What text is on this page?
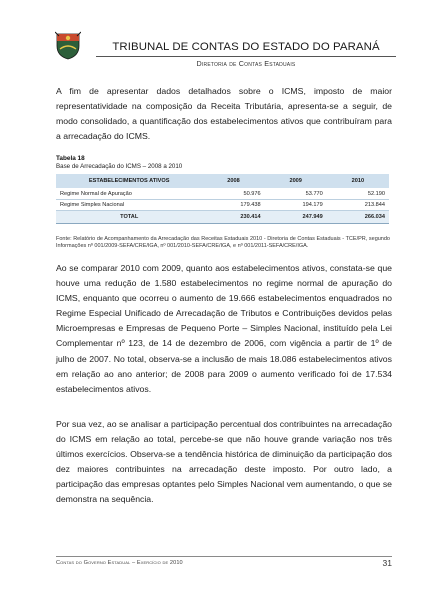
TRIBUNAL DE CONTAS DO ESTADO DO PARANÁ
Diretoria de Contas Estaduais

A fim de apresentar dados detalhados sobre o ICMS, imposto de maior representatividade na composição da Receita Tributária, apresenta-se a seguir, de modo consolidado, a quantificação dos estabelecimentos ativos que contribuíram para a arrecadação do ICMS.

Tabela 18
Base de Arrecadação do ICMS – 2008 a 2010
ESTABELECIMENTOS ATIVOS	2008	2009	2010
Regime Normal de Apuração	50.976	53.770	52.190
Regime Simples Nacional	179.438	194.179	213.844
TOTAL	230.414	247.949	266.034
Fonte: Relatório de Acompanhamento da Arrecadação das Receitas Estaduais 2010 - Diretoria de Contas Estaduais - TCE/PR, segundo Informações nº 001/2009-SEFA/CRE/IGA, nº 001/2010-SEFA/CRE/IGA, e nº 001/2011-SEFA/CRE/IGA.

Ao se comparar 2010 com 2009, quanto aos estabelecimentos ativos, constata-se que houve uma redução de 1.580 estabelecimentos no regime normal de apuração do ICMS, enquanto que ocorreu o aumento de 19.666 estabelecimentos enquadrados no Regime Especial Unificado de Arrecadação de Tributos e Contribuições devidos pelas Microempresas e Empresas de Pequeno Porte – Simples Nacional, instituído pela Lei Complementar nº 123, de 14 de dezembro de 2006, com vigência a partir de 1º de julho de 2007. No total, observa-se a inclusão de mais 18.086 estabelecimentos ativos em relação ao ano anterior; de 2008 para 2009 o aumento verificado foi de 17.534 estabelecimentos ativos.

Por sua vez, ao se analisar a participação percentual dos contribuintes na arrecadação do ICMS em relação ao total, percebe-se que não houve grande variação nos três últimos exercícios. Observa-se a tendência histórica de diminuição da participação dos dez maiores contribuintes na arrecadação deste imposto. Por outro lado, a participação das empresas optantes pelo Simples Nacional vem aumentando, o que se demonstra na sequência.

Contas do Governo Estadual – Exercício de 2010	31
